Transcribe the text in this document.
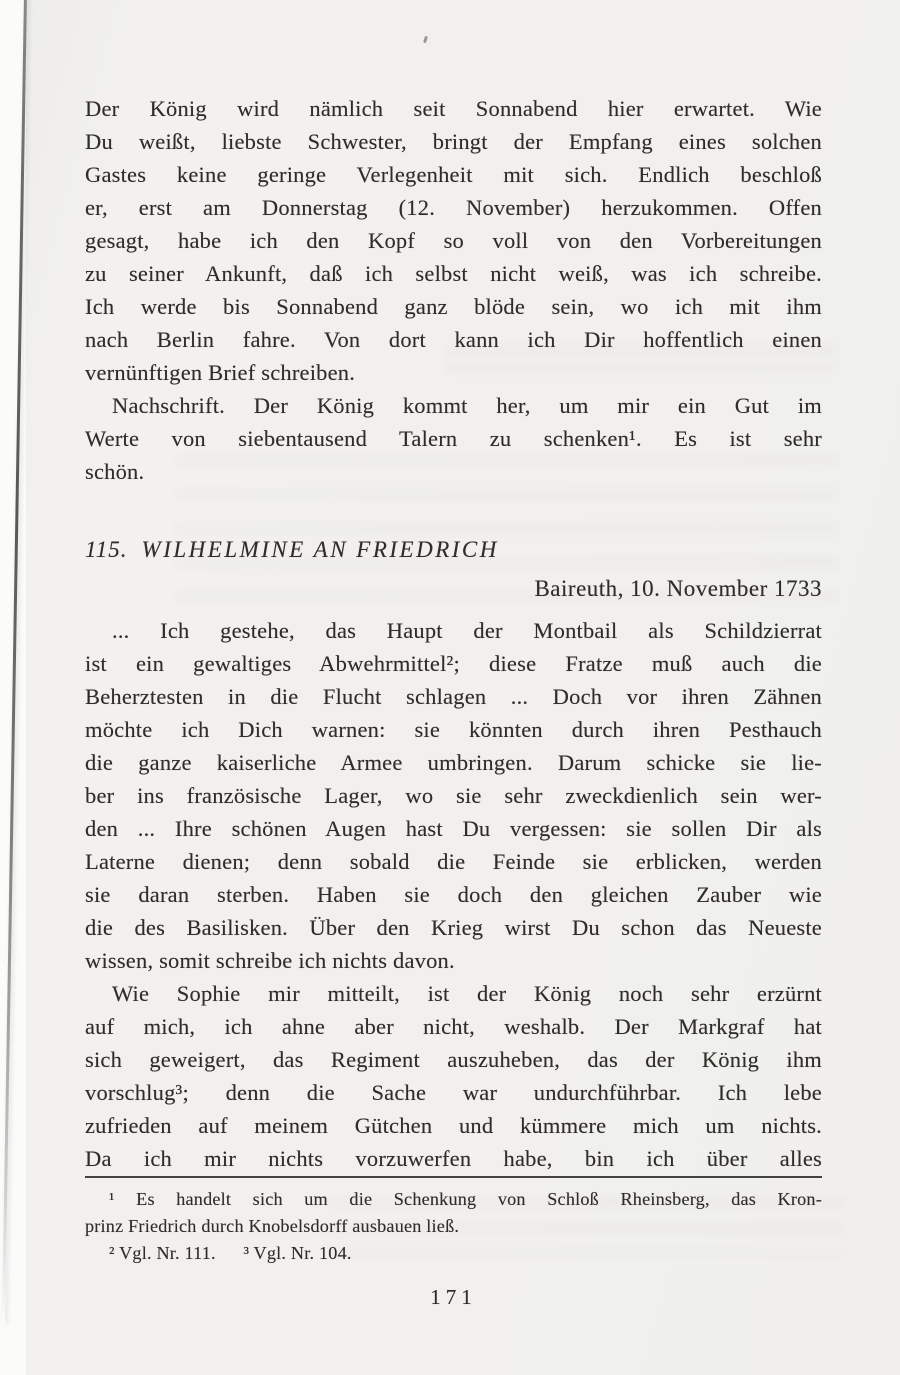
Der König wird nämlich seit Sonnabend hier erwartet. Wie
Du weißt, liebste Schwester, bringt der Empfang eines solchen
Gastes keine geringe Verlegenheit mit sich. Endlich beschloß
er, erst am Donnerstag (12. November) herzukommen. Offen
gesagt, habe ich den Kopf so voll von den Vorbereitungen
zu seiner Ankunft, daß ich selbst nicht weiß, was ich schreibe.
Ich werde bis Sonnabend ganz blöde sein, wo ich mit ihm
nach Berlin fahre. Von dort kann ich Dir hoffentlich einen
vernünftigen Brief schreiben.
Nachschrift. Der König kommt her, um mir ein Gut im
Werte von siebentausend Talern zu schenken¹. Es ist sehr
schön.
115. WILHELMINE AN FRIEDRICH
Baireuth, 10. November 1733
... Ich gestehe, das Haupt der Montbail als Schildzierrat
ist ein gewaltiges Abwehrmittel²; diese Fratze muß auch die
Beherztesten in die Flucht schlagen ... Doch vor ihren Zähnen
möchte ich Dich warnen: sie könnten durch ihren Pesthauch
die ganze kaiserliche Armee umbringen. Darum schicke sie lie-
ber ins französische Lager, wo sie sehr zweckdienlich sein wer-
den ... Ihre schönen Augen hast Du vergessen: sie sollen Dir als
Laterne dienen; denn sobald die Feinde sie erblicken, werden
sie daran sterben. Haben sie doch den gleichen Zauber wie
die des Basilisken. Über den Krieg wirst Du schon das Neueste
wissen, somit schreibe ich nichts davon.
Wie Sophie mir mitteilt, ist der König noch sehr erzürnt
auf mich, ich ahne aber nicht, weshalb. Der Markgraf hat
sich geweigert, das Regiment auszuheben, das der König ihm
vorschlug³; denn die Sache war undurchführbar. Ich lebe
zufrieden auf meinem Gütchen und kümmere mich um nichts.
Da ich mir nichts vorzuwerfen habe, bin ich über alles
¹ Es handelt sich um die Schenkung von Schloß Rheinsberg, das Kron-
prinz Friedrich durch Knobelsdorff ausbauen ließ.
² Vgl. Nr. 111.  ³ Vgl. Nr. 104.
171
